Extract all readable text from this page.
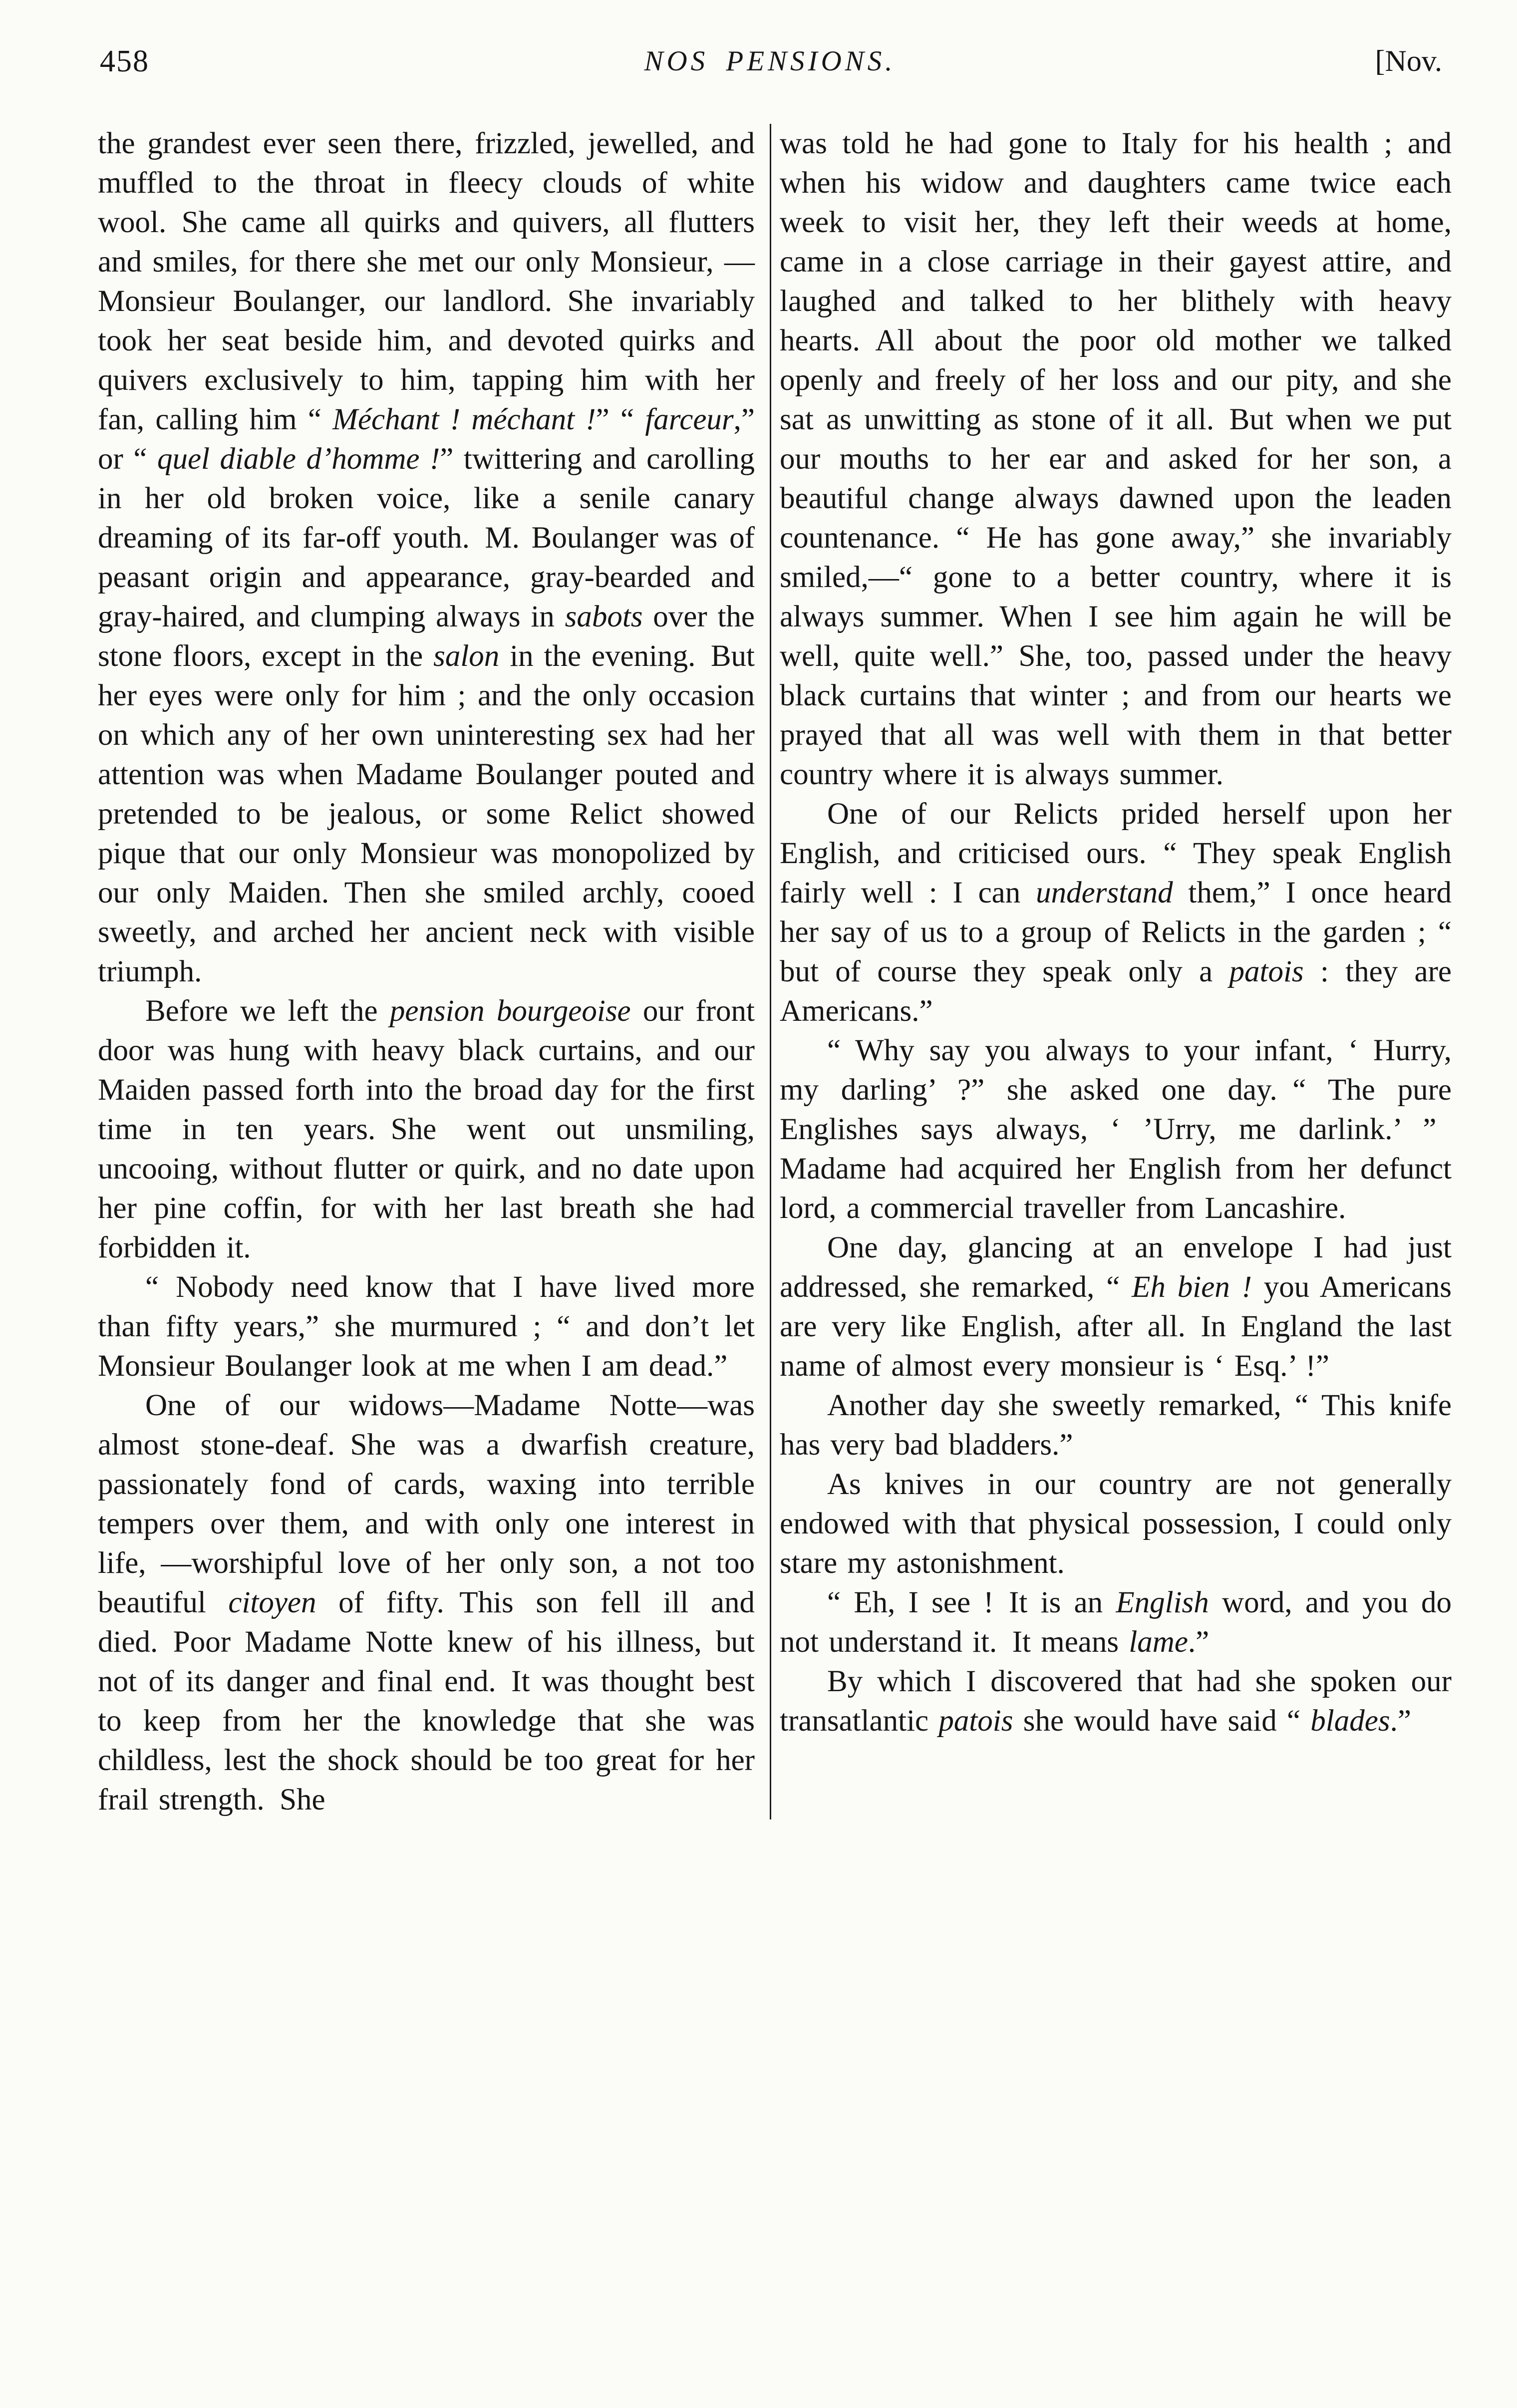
458	NOS PENSIONS.	[Nov.

the grandest ever seen there, frizzled, jewelled, and muffled to the throat in fleecy clouds of white wool. She came all quirks and quivers, all flutters and smiles, for there she met our only Monsieur, — Monsieur Boulanger, our landlord. She invariably took her seat beside him, and devoted quirks and quivers exclusively to him, tapping him with her fan, calling him “ Méchant ! méchant !” “ farceur,” or “ quel diable d’homme !” twittering and carolling in her old broken voice, like a senile canary dreaming of its far-off youth. M. Boulanger was of peasant origin and appearance, gray-bearded and gray-haired, and clumping always in sabots over the stone floors, except in the salon in the evening. But her eyes were only for him ; and the only occasion on which any of her own uninteresting sex had her attention was when Madame Boulanger pouted and pretended to be jealous, or some Relict showed pique that our only Monsieur was monopolized by our only Maiden. Then she smiled archly, cooed sweetly, and arched her ancient neck with visible triumph.

Before we left the pension bourgeoise our front door was hung with heavy black curtains, and our Maiden passed forth into the broad day for the first time in ten years. She went out unsmiling, uncooing, without flutter or quirk, and no date upon her pine coffin, for with her last breath she had forbidden it.

“ Nobody need know that I have lived more than fifty years,” she murmured ; “ and don’t let Monsieur Boulanger look at me when I am dead.”

One of our widows—Madame Notte—was almost stone-deaf. She was a dwarfish creature, passionately fond of cards, waxing into terrible tempers over them, and with only one interest in life, —worshipful love of her only son, a not too beautiful citoyen of fifty. This son fell ill and died. Poor Madame Notte knew of his illness, but not of its danger and final end. It was thought best to keep from her the knowledge that she was childless, lest the shock should be too great for her frail strength. She

was told he had gone to Italy for his health ; and when his widow and daughters came twice each week to visit her, they left their weeds at home, came in a close carriage in their gayest attire, and laughed and talked to her blithely with heavy hearts. All about the poor old mother we talked openly and freely of her loss and our pity, and she sat as unwitting as stone of it all. But when we put our mouths to her ear and asked for her son, a beautiful change always dawned upon the leaden countenance. “ He has gone away,” she invariably smiled,—“ gone to a better country, where it is always summer. When I see him again he will be well, quite well.” She, too, passed under the heavy black curtains that winter ; and from our hearts we prayed that all was well with them in that better country where it is always summer.

One of our Relicts prided herself upon her English, and criticised ours. “ They speak English fairly well : I can understand them,” I once heard her say of us to a group of Relicts in the garden ; “ but of course they speak only a patois : they are Americans.”

“ Why say you always to your infant, ‘ Hurry, my darling’ ?” she asked one day. “ The pure Englishes says always, ‘ ’Urry, me darlink.’ ” Madame had acquired her English from her defunct lord, a commercial traveller from Lancashire.

One day, glancing at an envelope I had just addressed, she remarked, “ Eh bien ! you Americans are very like English, after all. In England the last name of almost every monsieur is ‘ Esq.’ !”

Another day she sweetly remarked, “ This knife has very bad bladders.”

As knives in our country are not generally endowed with that physical possession, I could only stare my astonishment.

“ Eh, I see ! It is an English word, and you do not understand it. It means lame.”

By which I discovered that had she spoken our transatlantic patois she would have said “ blades.”
